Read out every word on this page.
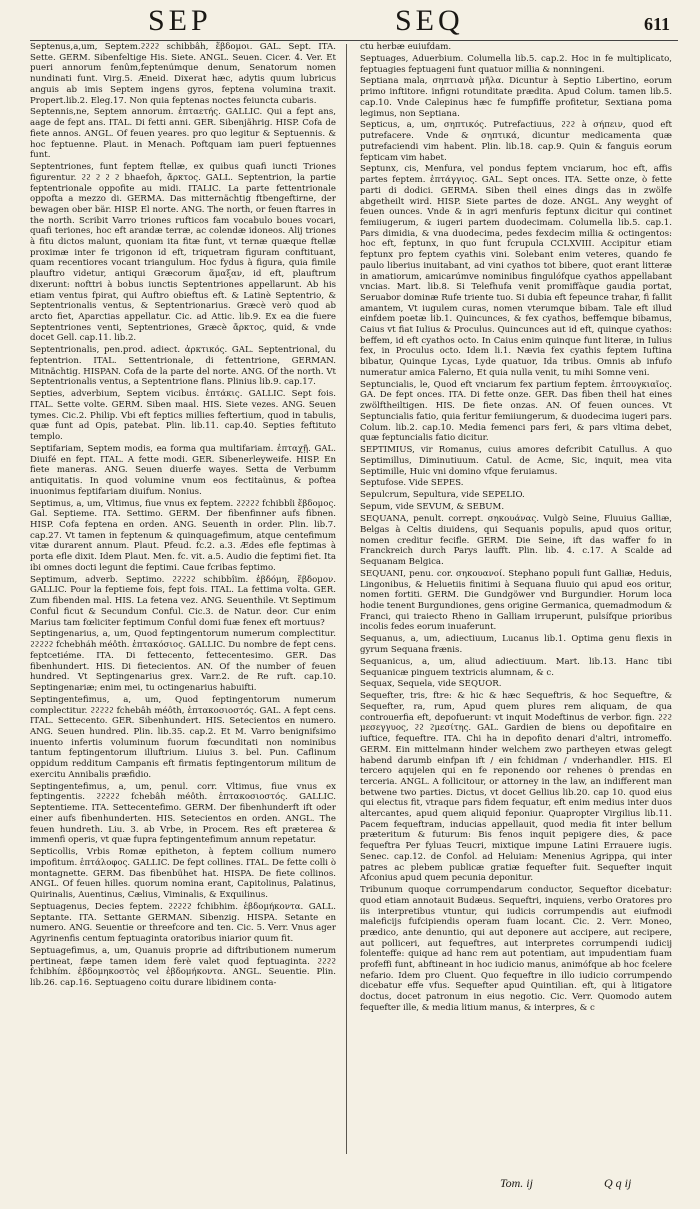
SEP	SEQ	611

Septenus,a,um, Septem.ϩϩϩϩ schibbâh, ἕβδομοι. GAL. Sept. ITA. Sette. GERM. Sibenfeltige His. Siete. ANGL. Seuen. Cicer. 4. Ver. Et pueri annorum fenûm,feptenúmque denum, Senatorum nomen nundinati funt. Virg.5. Æneid. Dixerat hæc, adytis quum lubricus anguis ab imis Septem ingens gyros, feptena volumina traxit. Propert.lib.2. Eleg.17. Non quia feptenas noctes feiuncta cubaris.

Septennis,ne, Septem annorum. ἑπταετής. GALLIC. Qui a fept ans, aage de fept ans. ITAL. Di fetti anni. GER. Sibenjährig. HISP. Cofa de fiete annos. ANGL. Of feuen yeares. pro quo legitur & Septuennis. & hoc feptuenne. Plaut. in Menach. Poftquam iam pueri feptuennes funt.

Septentriones, funt feptem ftellæ, ex quibus quafi iuncti Triones figurentur. ϩϩ ϩ ϩ ϩ bhaefoh, ἄρκτος. GALL. Septentrion, la partie feptentrionale oppofite au midi. ITALIC. La parte fettentrionale oppofta a mezzo di. GERMA. Das mitternächtig ftbengeftirne, der bewagen ober bär. HISP. El norte. ANG. The north, or feuen ftarres in the north. Scribit Varro triones rufticos fam vocabulo boues vocari, quafi teriones, hoc eft arandæ terræ, ac colendæ idoneos. Alij triones à fitu dictos malunt, quoniam ita fitæ funt, vt ternæ quæque ftellæ proximæ inter fe trigonon id eft, triquetram figuram conftituant, quam recentiores vocant triangulum. Hoc fydus à figura, quia fimile plauftro videtur, antiqui Græcorum ἅμαξαν, id eft, plauftrum dixerunt: nofttri à bobus iunctis Septentriones appellarunt. Ab his etiam ventus fpirat, qui Auftro obieftus eft. & Latinè Septentrio, & Septentrionalis ventus, & Septentrionarius. Græcè verò quod ab arcto fiet, Aparctias appellatur. Cic. ad Attic. lib.9. Ex ea die fuere Septentriones venti, Septentriones, Græcè ἄρκτος, quid, & vnde docet Gell. cap.11. lib.2.

Septentrionalis, pen.prod. adiect. ἀρκτικός. GAL. Septentrional, du feptentrion. ITAL. Settentrionale, di fettentrione, GERMAN. Mitnächtig. HISPAN. Cofa de la parte del norte. ANG. Of the north. Vt Septentrionalis ventus, a Septentrione flans. Plinius lib.9. cap.17.

Septies, adverbium, Septem vicibus. ἑπτάκις. GALLIC. Sept fois. ITAL. Sette volte. GERM. Siben maal. HIS. Siete vezes. ANG. Seuen tymes. Cic.2. Philip. Vbi eft feptics millies feftertium, quod in tabulis, quæ funt ad Opis, patebat. Plin. lib.11. cap.40. Septies feftituto templo.

Septifariam, Septem modis, ea forma qua multifariam. ἑπταχῇ. GAL. Diuifé en fept. ITAL. A fette modi. GER. Sibenerleyweife. HISP. En fiete maneras. ANG. Seuen diuerfe wayes. Setta de Verbumm antiquitatis. In quod volumine vnum eos fectitaùnus, & poftea inuonimus feptifariam diuifum. Nonius.

Septimus, a, um, Vltimus, fiue vnus ex feptem. ϩϩϩϩϩ fchibbîi ἕβδομος. Gal. Septieme. ITA. Settimo. GERM. Der fibenfinner aufs fibnen. HISP. Cofa feptena en orden. ANG. Seuenth in order. Plin. lib.7. cap.27. Vt tamen in feptenum & quinquagefimum, atque centefimum vitæ durarent annum. Plaut. Pfeud. fc.2. a.3. Ædes efle feptimas à porta efle dixit. Idem Plaut. Men. fc. vit. a.5. Audio die feptimi fiet. Ita ibi omnes docti legunt die feptimi. Caue fcribas feptimo.

Septimum, adverb. Septimo. ϩϩϩϩϩ schibbîim. ἑβδόμη, ἕβδομον. GALLIC. Pour la feptieme fois, fept fois. ITAL. La fettima volta. GER. Zum fibenden mal. HIS. La fetena vez. ANG. Seuenthile. Vt Septimum Conful ficut & Secundum Conful. Cic.3. de Natur. deor. Cur enim Marius tam fœliciter feptimum Conful domi fuæ fenex eft mortuus?

Septingenarius, a, um, Quod feptingentorum numerum complectitur. ϩϩϩϩϩ fchebháh méôth. ἑπτακόσιος. GALLIC. Du nombre de fept cens. feptcetiéme. ITA. Di fettecento, fettecentesimo. GER. Das fibenhundert. HIS. Di fietecientos. AN. Of the number of feuen hundred. Vt Septingenarius grex. Varr.2. de Re ruft. cap.10. Septingenariæ; enim mei, tu octingenarius habuifti.

Septingentefimus, a, um, Quod feptingentorum numerum complectitur. ϩϩϩϩϩ fchebâh méôth, ἑπτακοσιοστός. GAL. A fept cens. ITAL. Settecento. GER. Sibenhundert. HIS. Setecientos en numero. ANG. Seuen hundred. Plin. lib.35. cap.2. Et M. Varro benignifsimo inuento infertis voluminum fuorum fœcunditati non nominibus tantum feptingentorum illuftrium. Liuius 3. bel. Pun. Caflinum oppidum redditum Campanis eft firmatis feptingentorum militum de exercitu Annibalis præfidio.

Septingentefimus, a, um, penul. corr. Vltimus, fiue vnus ex feptingentis. ϩϩϩϩϩ fchebâh méôth. ἑπτακοσιοστός. GALLIC. Septentieme. ITA. Settecentefimo. GERM. Der fibenhunderft ift oder einer aufs fibenhunderten. HIS. Setecientos en orden. ANGL. The feuen hundreth. Liu. 3. ab Vrbe, in Procem. Res eft præterea & immenfi operis, vt quæ fupra feptingentefimum annum repetatur.

Septicollis, Vrbis Romæ epitheton, à feptem collium numero impofitum. ἑπτάλοφος. GALLIC. De fept collines. ITAL. De fette colli ò montagnette. GERM. Das fibenbühet hat. HISPA. De fiete collinos. ANGL. Of feuen hilles. quorum nomina erant, Capitolinus, Palatinus, Quirinalis, Auentinus, Cælius, Viminalis, & Exquilinus.

Septuagenus, Decies feptem. ϩϩϩϩϩ fchibhim. ἑβδομήκοντα. GALL. Septante. ITA. Settante GERMAN. Sibenzig. HISPA. Setante en numero. ANG. Seuentie or threefcore and ten. Cic. 5. Verr. Vnus ager Agyrinenfis centum feptuaginta oratoribus iniarior quum fit.

Septuagefimus, a, um, Quanuis proprie ad diftributionem numerum pertineat, fæpe tamen idem ferè valet quod feptuaginta. ϩϩϩϩ fchibhím. ἑβδομηκοστὸς vel ἑβδομήκοντα. ANGL. Seuentie. Plin. lib.26. cap.16. Septuageno coitu durare libidinem conta-

ctu herbæ euiufdam.

Septuages, Aduerbium. Columella lib.5. cap.2. Hoc in fe multiplicato, feptuagies feptuageni funt quatuor millia & nonningeni.

Septiana mala, σηπτιανὰ μῆλα. Dicuntur à Septio Libertino, eorum primo inftitore. infigni rotunditate prædita. Apud Colum. tamen lib.5. cap.10. Vnde Calepinus hæc fe fumpfiffe profitetur, Sextiana poma legimus, non Septiana.

Septicus, a, um, σηπτικός. Putrefactiuus, ϩϩϩ à σήπειν, quod eft putrefacere. Vnde & σηπτικά, dicuntur medicamenta quæ putrefaciendi vim habent. Plin. lib.18. cap.9. Quin & fanguis eorum fepticam vim habet.

Septunx, cis, Menfura, vel pondus feptem vnciarum, hoc eft, affis partes feptem. ἑπτάγγιος. GAL. Sept onces. ITA. Sette onze, ò fette parti di dodici. GERMA. Siben theil eines dings das in zwölfe abgetheilt wird. HISP. Siete partes de doze. ANGL. Any weyght of feuen ounces. Vnde & in agri menfuris feptunx dicitur qui continet femiiugerum, & iugeri partem duodecimam. Columella lib.5. cap.1. Pars dimidia, & vna duodecima, pedes fexdecim millia & octingentos: hoc eft, feptunx, in quo funt fcrupula CCLXVIII. Accipitur etiam feptunx pro feptem cyathis vini. Solebant enim veteres, quando fe paulo liberius inuitabant, ad vini cyathos tot bibere, quot erant litteræ in amatiorum, amicarúmve nominibus fingulófque cyathos appellabant vncias. Mart. lib.8. Si Telefhufa venit promiffàque gaudia portat, Seruabor dominæ Rufe triente tuo. Si dubia eft fepeunce trahar, fi fallit amantem, Vt iugulem curas, nomen vterumque bibam. Tale eft illud einfdem poetæ lib.1. Quincunces, & fex cyathos, beffemque bibamus, Caius vt fiat Iulius & Proculus. Quincunces aut id eft, quinque cyathos: beffem, id eft cyathos octo. In Caius enim quinque funt literæ, in Iulius fex, in Proculus octo. Idem li.1. Nævia fex cyathis feptem Iuftina bibatur, Quinque Lycas, Lyde quatuor, Ida tribus. Omnis ab infufo numeratur amica Falerno, Et quia nulla venit, tu mihi Somne veni.

Septuncialis, le, Quod eft vnciarum fex partium feptem. ἑπτουγκιαῖος. GA. De fept onces. ITA. Di fette onze. GER. Das fiben theil hat eines zwölftheiltigen. HIS. De fiete onzas. AN. Of feuen ounces. Vt Septuncialis fatio, quia feritur femiiungerum, & duodecima iugeri pars. Colum. lib.2. cap.10. Media femenci pars feri, & pars vltima debet, quæ feptuncialis fatio dicitur.

SEPTIMIUS, vir Romanus, cuius amores defcribit Catullus. A quo Septimillus, Diminutiuum. Catul. de Acme, Sic, inquit, mea vita Septimille, Huic vni domino vfque feruiamus.

Septufose. Vide SEPES.

Sepulcrum, Sepultura, vide SEPELIO.

Sepum, vide SEVUM, & SEBUM.

SEQUANA, penult. corrept. σηκουάνας. Vulgò Seine, Fluuius Galliæ, Belgas à Celtis diuidens, qui Sequanis populis, apud quos oritur, nomen creditur fecifle. GERM. Die Seine, ift das waffer fo in Franckreich durch Parys laufft. Plin. lib. 4. c.17. A Scalde ad Sequanam Belgica.

SEQUANI, penu. cor. σηκουανοί. Stephano populi funt Galliæ, Heduis, Lingonibus, & Heluetiis finitimi à Sequana fluuio qui apud eos oritur, nomen fortiti. GERM. Die Gundgöwer vnd Burgundier. Horum loca hodie tenent Burgundiones, gens origine Germanica, quemadmodum & Franci, qui traiecto Rheno in Galliam irruperunt, pulsífque prioribus incolis fedes eorum inuaferunt.

Sequanus, a, um, adiectiuum, Lucanus lib.1. Optima genu flexis in gyrum Sequana frænis.

Sequanicus, a, um, aliud adiectiuum. Mart. lib.13. Hanc tibi Sequanicæ pinguem textricis alumnam, & c.

Sequax, Sequela, vide SEQUOR.

Sequefter, tris, ftre: & hic & hæc Sequeftris, & hoc Sequeftre, & Sequefter, ra, rum, Apud quem plures rem aliquam, de qua controuerfia eft, depofuerunt: vt inquit Modeftinus de verbor. fign. ϩϩϩ μεσεγγυος, ϩϩ ϩμεσίτης. GAL. Gardien de biens ou depofitaire en iuftice, fequeftre. ITA. Chi ha in depofito denari d'altri, intromeffo. GERM. Ein mittelmann hinder welchem zwo partheyen etwas gelegt habend darumb einfpan ift / ein fchidman / vnderhandler. HIS. El tercero aqujelen qui en fe reponendo oor rehenes ò prendas en terceria. ANGL. A follicitour, or attorney in the law, an indifferent man betwene two parties. Dictus, vt docet Gellius lib.20. cap 10. quod eius qui electus fit, vtraque pars fidem fequatur, eft enim medius inter duos altercantes, apud quem aliquid feponiur. Quapropter Virgilius lib.11. Pacem fequeftram, inducias appellauit, quod media fit inter bellum præteritum & futurum: Bis fenos inquit pepigere dies, & pace fequeftra Per fyluas Teucri, mixtique impune Latini Errauere iugis. Senec. cap.12. de Confol. ad Heluiam: Menenius Agrippa, qui inter patres ac plebem publicæ gratiæ fequefter fuit. Sequefter inquit Afconius apud quem pecunia deponitur.

Tribunum quoque corrumpendarum conductor, Sequeftor dicebatur: quod etiam annotauit Budæus. Sequeftri, inquiens, verbo Oratores pro iis interpretibus vtuntur, qui iudicis corrumpendis aut eiufmodi maleficijs fufcipiendis operam fuam locant. Cic. 2. Verr. Moneo, prædico, ante denuntio, qui aut deponere aut accipere, aut recipere, aut polliceri, aut fequeftres, aut interpretes corrumpendi iudicij folenteffe: quique ad hanc rem aut potentiam, aut impudentiam fuam profeffi funt, abftineant in hoc iudicio manus, animófque ab hoc fcelere nefario. Idem pro Cluent. Quo fequeftre in illo iudicio corrumpendo dicebatur effe vfus. Sequefter apud Quintilian. eft, qui à litigatore doctus, docet patronum in eius negotio. Cic. Verr. Quomodo autem fequefter ille, & media litium manus, & interpres, & c

Tom. ij	Q q ij
